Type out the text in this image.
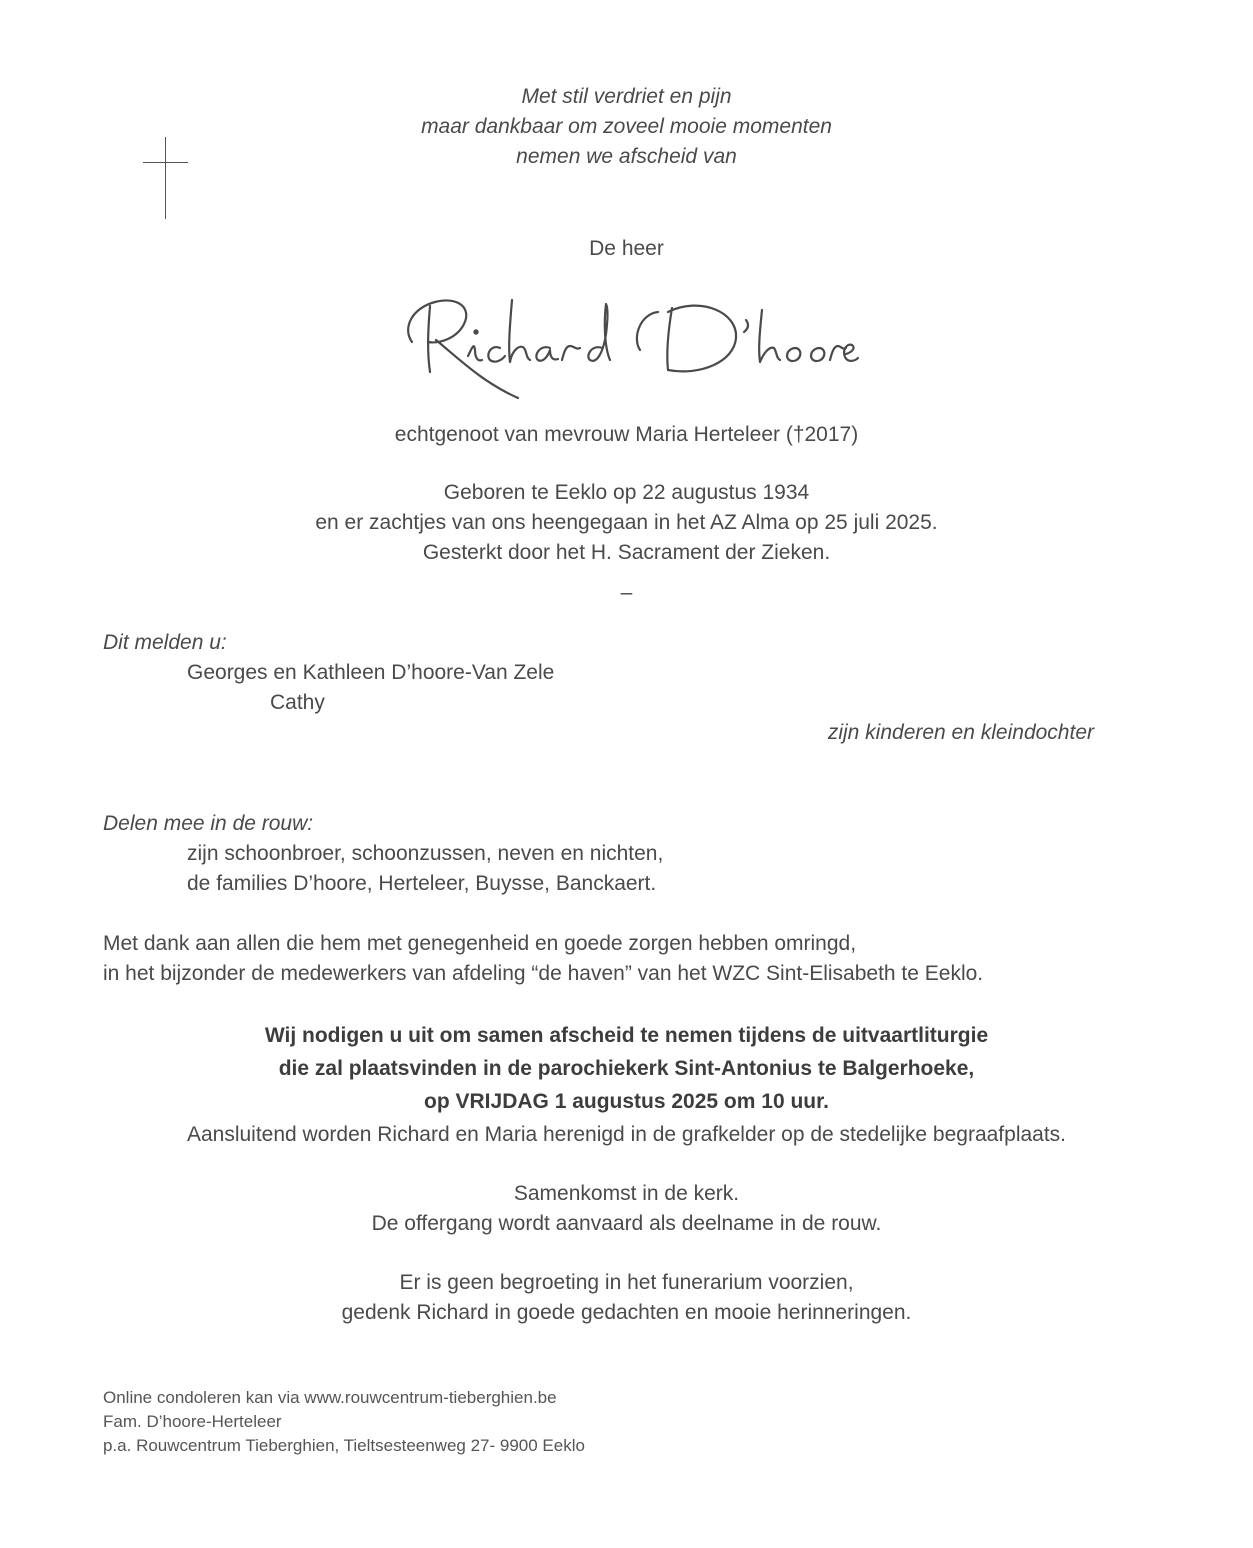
Met stil verdriet en pijn
maar dankbaar om zoveel mooie momenten
nemen we afscheid van
De heer
echtgenoot van mevrouw Maria Herteleer (†2017)
Geboren te Eeklo op 22 augustus 1934
en er zachtjes van ons heengegaan in het AZ Alma op 25 juli 2025.
Gesterkt door het H. Sacrament der Zieken.
–
Dit melden u:
Georges en Kathleen D’hoore-Van Zele
Cathy
zijn kinderen en kleindochter
Delen mee in de rouw:
zijn schoonbroer, schoonzussen, neven en nichten,
de families D’hoore, Herteleer, Buysse, Banckaert.
Met dank aan allen die hem met genegenheid en goede zorgen hebben omringd,
in het bijzonder de medewerkers van afdeling “de haven” van het WZC Sint-Elisabeth te Eeklo.
Wij nodigen u uit om samen afscheid te nemen tijdens de uitvaartliturgie
die zal plaatsvinden in de parochiekerk Sint-Antonius te Balgerhoeke,
op VRIJDAG 1 augustus 2025 om 10 uur.
Aansluitend worden Richard en Maria herenigd in de grafkelder op de stedelijke begraafplaats.
Samenkomst in de kerk.
De offergang wordt aanvaard als deelname in de rouw.
Er is geen begroeting in het funerarium voorzien,
gedenk Richard in goede gedachten en mooie herinneringen.
Online condoleren kan via www.rouwcentrum-tieberghien.be
Fam. D’hoore-Herteleer
p.a. Rouwcentrum Tieberghien, Tieltsesteenweg 27- 9900 Eeklo
